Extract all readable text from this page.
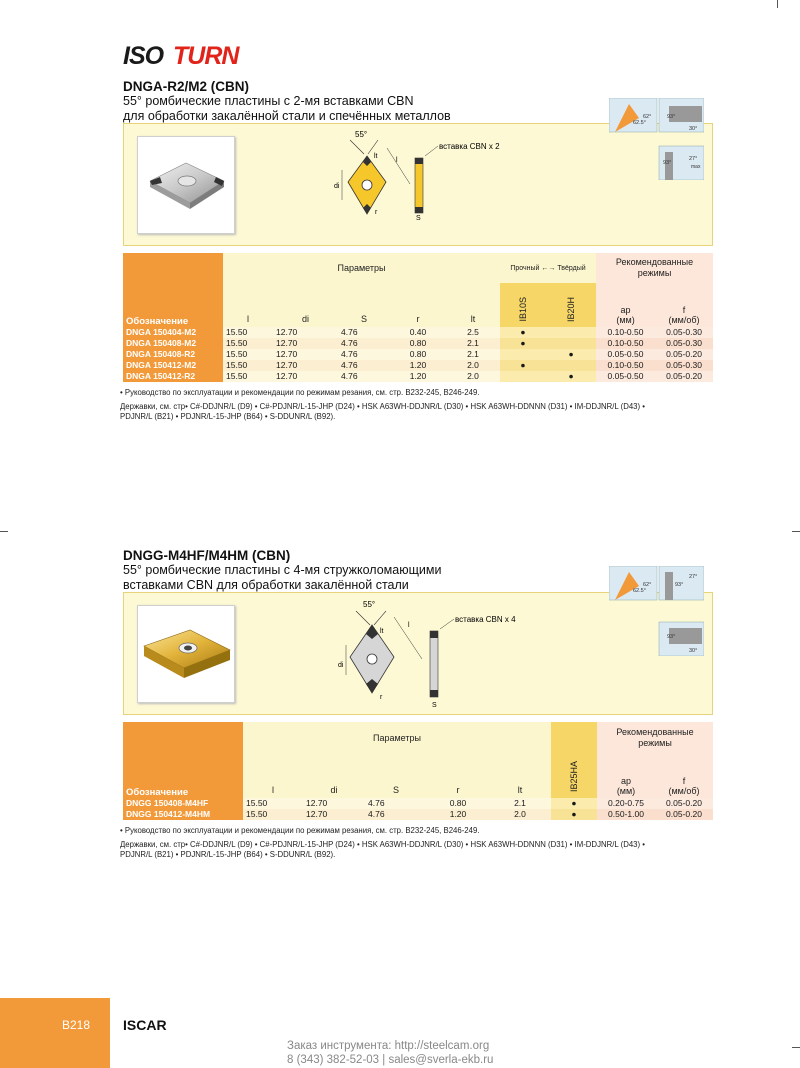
ISO TURN
DNGA-R2/M2 (CBN)
55° ромбические пластины с 2-мя вставками CBN
для обработки закалённой стали и спечённых металлов
55°
lt
l
di
r
S
вставка CBN x 2
62.5°
62°	93°
30°
93°
27°
max
Обозначение	Параметры					Прочный ←→ Твёрдый		Рекомендованные режимы	
	l	di	S	r	lt	IB10S	IB20H	ap
(мм)	f
(мм/об)
DNGA 150404-M2	15.50	12.70	4.76	0.40	2.5	●		0.10-0.50	0.05-0.30
DNGA 150408-M2	15.50	12.70	4.76	0.80	2.1	●		0.10-0.50	0.05-0.30
DNGA 150408-R2	15.50	12.70	4.76	0.80	2.1		●	0.05-0.50	0.05-0.20
DNGA 150412-M2	15.50	12.70	4.76	1.20	2.0	●		0.10-0.50	0.05-0.30
DNGA 150412-R2	15.50	12.70	4.76	1.20	2.0		●	0.05-0.50	0.05-0.20
• Руководство по эксплуатации и рекомендации по режимам резания, см. стр. B232-245, B246-249.
Державки, см. стр• C#-DDJNR/L (D9) • C#-PDJNR/L-15-JHP (D24) • HSK A63WH-DDJNR/L (D30) • HSK A63WH-DDNNN (D31) • IM-DDJNR/L (D43) •
PDJNR/L (B21) • PDJNR/L-15-JHP (B64) • S-DDUNR/L (B92).
DNGG-M4HF/M4HM (CBN)
55° ромбические пластины с 4-мя стружколомающими
вставками CBN для обработки закалённой стали
55°
lt
l
di
r
S
вставка CBN x 4
62.5°
62°	93°
27°
93°
30°
Обозначение	Параметры					IB25HA	Рекомендованные режимы	
	l	di	S	r	lt		ap
(мм)	f
(мм/об)
DNGG 150408-M4HF	15.50	12.70	4.76	0.80	2.1	●	0.20-0.75	0.05-0.20
DNGG 150412-M4HM	15.50	12.70	4.76	1.20	2.0	●	0.50-1.00	0.05-0.20
• Руководство по эксплуатации и рекомендации по режимам резания, см. стр. B232-245, B246-249.
Державки, см. стр• C#-DDJNR/L (D9) • C#-PDJNR/L-15-JHP (D24) • HSK A63WH-DDJNR/L (D30) • HSK A63WH-DDNNN (D31) • IM-DDJNR/L (D43) •
PDJNR/L (B21) • PDJNR/L-15-JHP (B64) • S-DDUNR/L (B92).
B218 ISCAR
Заказ инструмента: http://steelcam.org
8 (343) 382-52-03 | sales@sverla-ekb.ru
